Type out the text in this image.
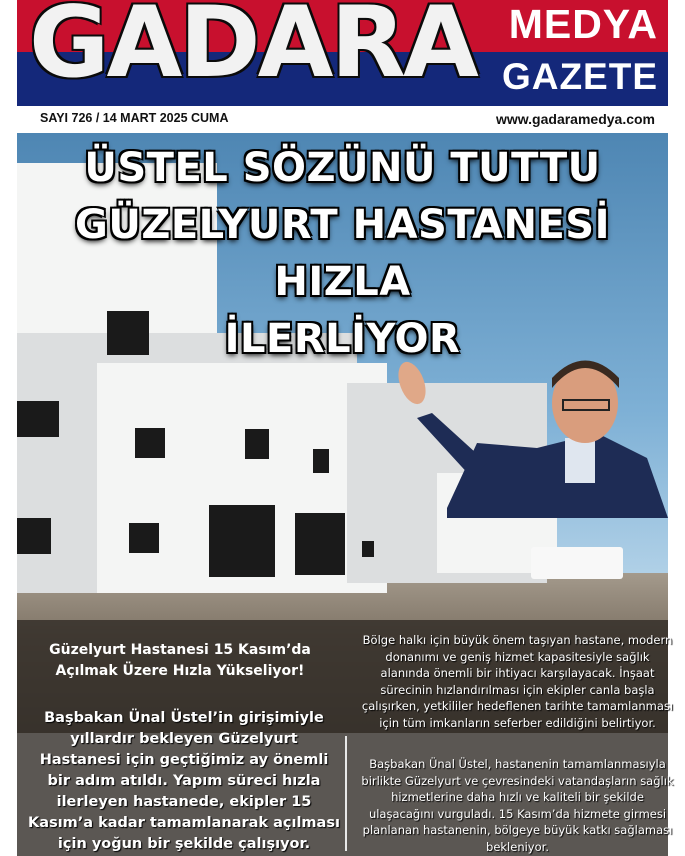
GADARA MEDYA
GAZETE
SAYI 726 / 14 MART 2025 CUMA	www.gadaramedya.com
ÜSTEL SÖZÜNÜ TUTTU
GÜZELYURT HASTANESİ HIZLA
İLERLİYOR
Güzelyurt Hastanesi 15 Kasım’da Açılmak Üzere Hızla Yükseliyor!
Başbakan Ünal Üstel’in girişimiyle yıllardır bekleyen Güzelyurt Hastanesi için geçtiğimiz ay önemli bir adım atıldı. Yapım süreci hızla ilerleyen hastanede, ekipler 15 Kasım’a kadar tamamlanarak açılması için yoğun bir şekilde çalışıyor.
Bölge halkı için büyük önem taşıyan hastane, modern donanımı ve geniş hizmet kapasitesiyle sağlık alanında önemli bir ihtiyacı karşılayacak. İnşaat sürecinin hızlandırılması için ekipler canla başla çalışırken, yetkililer hedeflenen tarihte tamamlanması için tüm imkanların seferber edildiğini belirtiyor.
Başbakan Ünal Üstel, hastanenin tamamlanmasıyla birlikte Güzelyurt ve çevresindeki vatandaşların sağlık hizmetlerine daha hızlı ve kaliteli bir şekilde ulaşacağını vurguladı. 15 Kasım’da hizmete girmesi planlanan hastanenin, bölgeye büyük katkı sağlaması bekleniyor.
